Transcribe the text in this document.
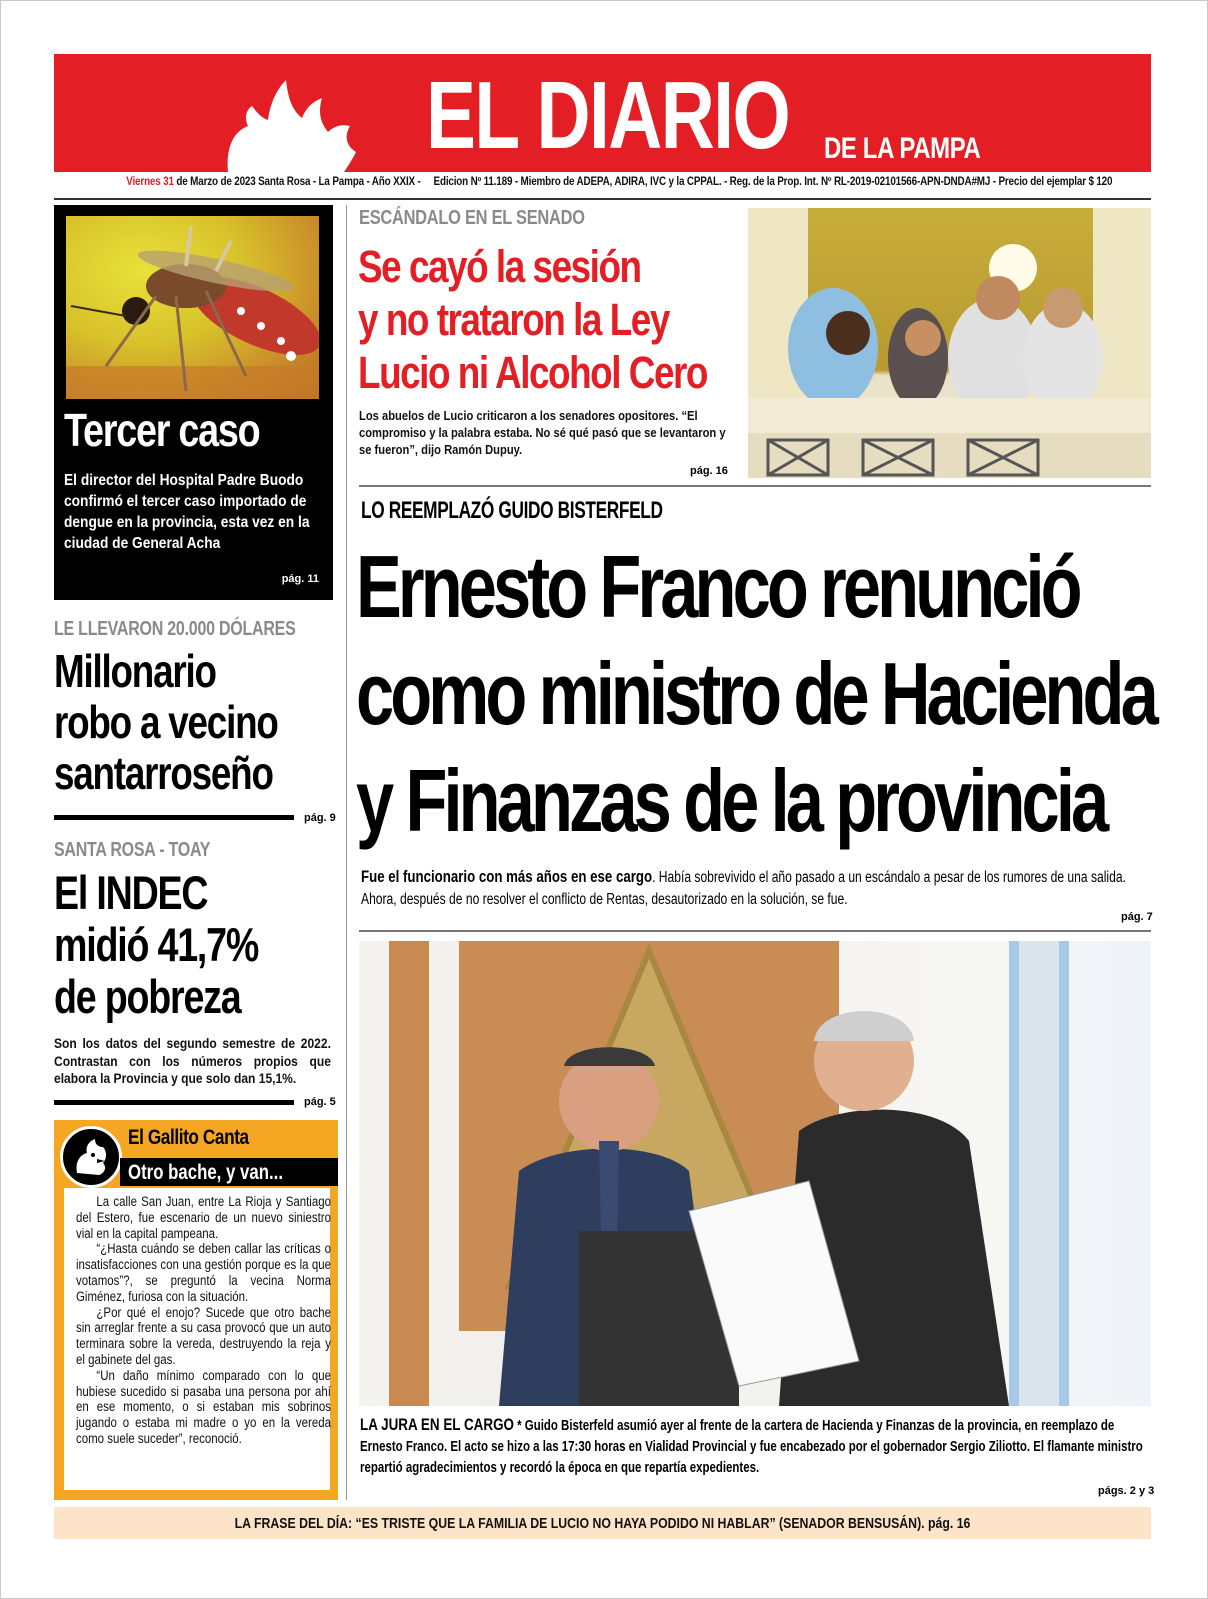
EL DIARIO DE LA PAMPA
Viernes 31 de Marzo de 2023 Santa Rosa - La Pampa - Año XXIX - Edicion Nº 11.189 - Miembro de ADEPA, ADIRA, IVC y la CPPAL. - Reg. de la Prop. Int. Nº RL-2019-02101566-APN-DNDA#MJ - Precio del ejemplar $ 120
Tercer caso
El director del Hospital Padre Buodo confirmó el tercer caso importado de dengue en la provincia, esta vez en la ciudad de General Acha
pág. 11
LE LLEVARON 20.000 DÓLARES
Millonario
robo a vecino
santarroseño
pág. 9
SANTA ROSA - TOAY
El INDEC
midió 41,7%
de pobreza
Son los datos del segundo semestre de 2022. Contrastan con los números propios que elabora la Provincia y que solo dan 15,1%.
pág. 5
El Gallito Canta
Otro bache, y van...

La calle San Juan, entre La Rioja y Santiago del Estero, fue escenario de un nuevo siniestro vial en la capital pampeana.

“¿Hasta cuándo se deben callar las críticas o insatisfacciones con una gestión porque es la que votamos”?, se preguntó la vecina Norma Giménez, furiosa con la situación.

¿Por qué el enojo? Sucede que otro bache sin arreglar frente a su casa provocó que un auto terminara sobre la vereda, destruyendo la reja y el gabinete del gas.

“Un daño mínimo comparado con lo que hubiese sucedido si pasaba una persona por ahí en ese momento, o si estaban mis sobrinos jugando o estaba mi madre o yo en la vereda como suele suceder”, reconoció.

ESCÁNDALO EN EL SENADO
Se cayó la sesión
y no trataron la Ley
Lucio ni Alcohol Cero
Los abuelos de Lucio criticaron a los senadores opositores. “El compromiso y la palabra estaba. No sé qué pasó que se levantaron y se fueron”, dijo Ramón Dupuy.
pág. 16
LO REEMPLAZÓ GUIDO BISTERFELD
Ernesto Franco renunció
como ministro de Hacienda
y Finanzas de la provincia
Fue el funcionario con más años en ese cargo. Había sobrevivido el año pasado a un escándalo a pesar de los rumores de una salida. Ahora, después de no resolver el conflicto de Rentas, desautorizado en la solución, se fue.
pág. 7
LA JURA EN EL CARGO * Guido Bisterfeld asumió ayer al frente de la cartera de Hacienda y Finanzas de la provincia, en reemplazo de Ernesto Franco. El acto se hizo a las 17:30 horas en Vialidad Provincial y fue encabezado por el gobernador Sergio Ziliotto. El flamante ministro repartió agradecimientos y recordó la época en que repartía expedientes.
págs. 2 y 3
LA FRASE DEL DÍA: “ES TRISTE QUE LA FAMILIA DE LUCIO NO HAYA PODIDO NI HABLAR” (SENADOR BENSUSÁN). pág. 16
